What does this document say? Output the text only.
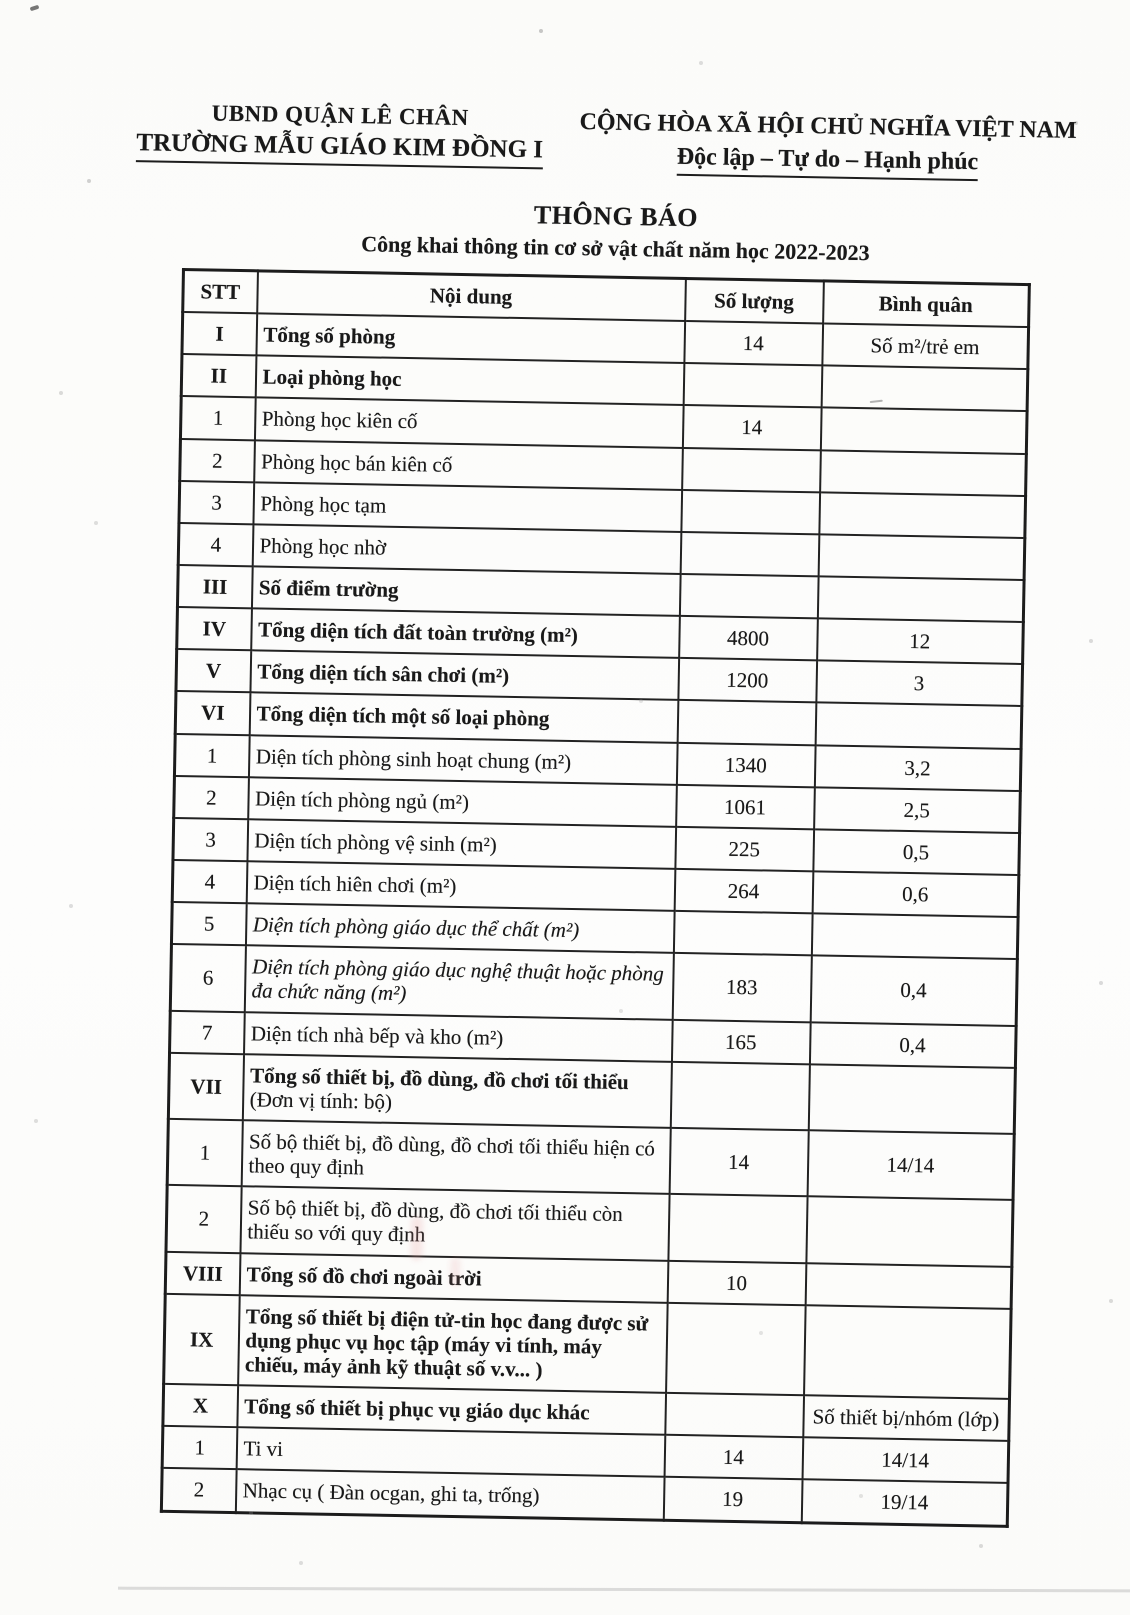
UBND QUẬN LÊ CHÂN
TRƯỜNG MẪU GIÁO KIM ĐỒNG I
CỘNG HÒA XÃ HỘI CHỦ NGHĨA VIỆT NAM
Độc lập – Tự do – Hạnh phúc
THÔNG BÁO
Công khai thông tin cơ sở vật chất năm học 2022-2023
STT	Nội dung	Số lượng	Bình quân
I	Tổng số phòng	14	Số m²/trẻ em
II	Loại phòng học		
1	Phòng học kiên cố	14	
2	Phòng học bán kiên cố		
3	Phòng học tạm		
4	Phòng học nhờ		
III	Số điểm trường		
IV	Tổng diện tích đất toàn trường (m²)	4800	12
V	Tổng diện tích sân chơi (m²)	1200	3
VI	Tổng diện tích một số loại phòng		
1	Diện tích phòng sinh hoạt chung (m²)	1340	3,2
2	Diện tích phòng ngủ (m²)	1061	2,5
3	Diện tích phòng vệ sinh (m²)	225	0,5
4	Diện tích hiên chơi (m²)	264	0,6
5	Diện tích phòng giáo dục thể chất (m²)		
6	Diện tích phòng giáo dục nghệ thuật hoặc phòng đa chức năng (m²)	183	0,4
7	Diện tích nhà bếp và kho (m²)	165	0,4
VII	Tổng số thiết bị, đồ dùng, đồ chơi tối thiểu
(Đơn vị tính: bộ)		

1	Số bộ thiết bị, đồ dùng, đồ chơi tối thiểu hiện có theo quy định	14	14/14
2	Số bộ thiết bị, đồ dùng, đồ chơi tối thiểu còn thiếu so với quy định		
VIII	Tổng số đồ chơi ngoài trời	10	
IX	Tổng số thiết bị điện tử-tin học đang được sử dụng phục vụ học tập (máy vi tính, máy chiếu, máy ảnh kỹ thuật số v.v... )		
X	Tổng số thiết bị phục vụ giáo dục khác		Số thiết bị/nhóm (lớp)
1	Ti vi	14	14/14
2	Nhạc cụ ( Đàn ocgan, ghi ta, trống)	19	19/14
